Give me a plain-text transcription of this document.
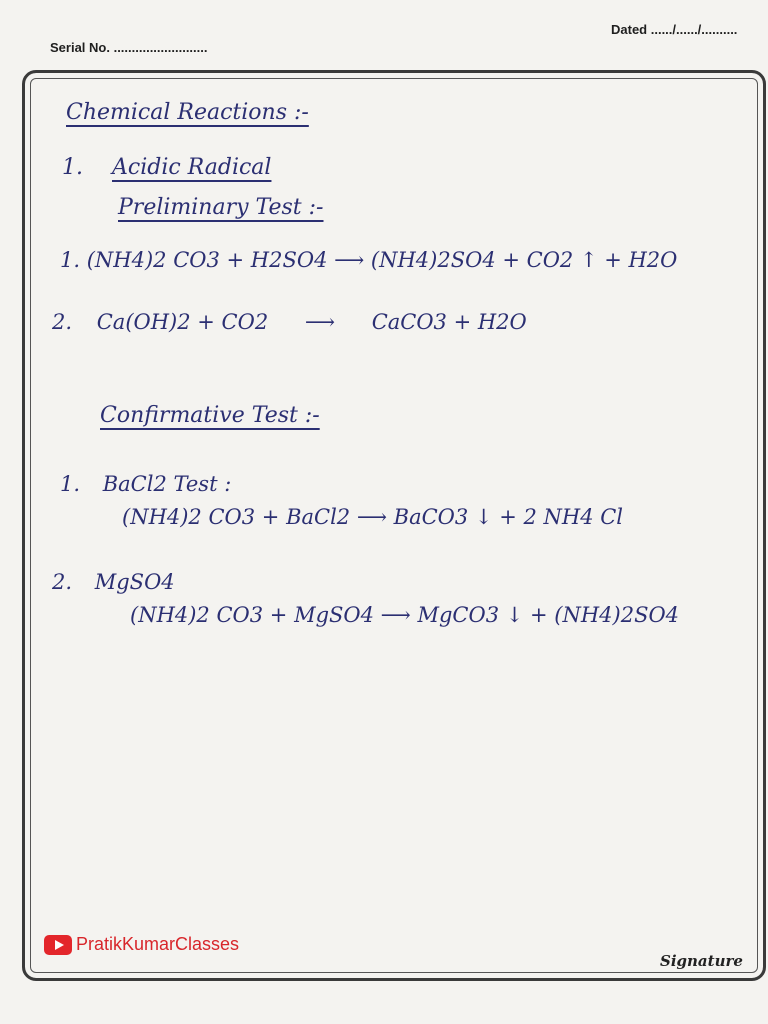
Serial No. ..........................
Dated ....../....../..........
Chemical Reactions :-
1. Acidic Radical
Preliminary Test :-
1. (NH4)2 CO3 + H2SO4 ⟶ (NH4)2SO4 + CO2 ↑ + H2O
2. Ca(OH)2 + CO2 ⟶ CaCO3 + H2O
Confirmative Test :-
1. BaCl2 Test :
(NH4)2 CO3 + BaCl2 ⟶ BaCO3 ↓ + 2 NH4 Cl
2. MgSO4
(NH4)2 CO3 + MgSO4 ⟶ MgCO3 ↓ + (NH4)2SO4
PratikKumarClasses
Signature
